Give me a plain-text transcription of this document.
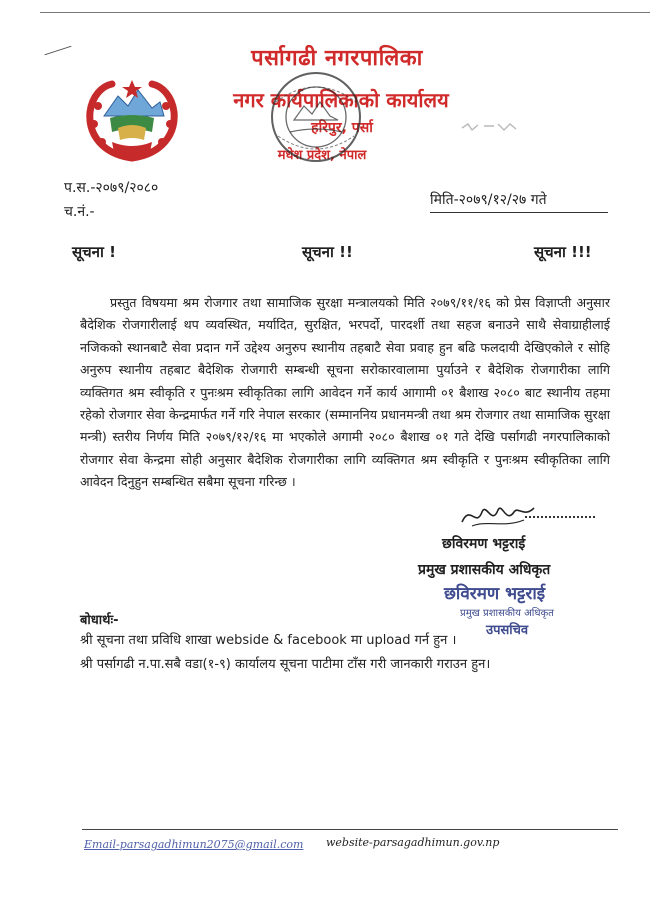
पर्सागढी नगरपालिका
नगर कार्यपालिकाको कार्यालय
हरिपुर, पर्सा
मधेश प्रदेश, नेपाल
प.स.-२०७९/२०८०
च.नं.-
मिति-२०७९/१२/२७ गते
सूचना !	सूचना !!	सूचना !!!
प्रस्तुत विषयमा श्रम रोजगार तथा सामाजिक सुरक्षा मन्त्रालयको मिति २०७९/११/१६ को प्रेस विज्ञाप्ती अनुसार बैदेशिक रोजगारीलाई थप व्यवस्थित, मर्यादित, सुरक्षित, भरपर्दो, पारदर्शी तथा सहज बनाउने साथै सेवाग्राहीलाई नजिकको स्थानबाटै सेवा प्रदान गर्ने उद्देश्य अनुरुप स्थानीय तहबाटै सेवा प्रवाह हुन बढि फलदायी देखिएकोले र सोहि अनुरुप स्थानीय तहबाट बैदेशिक रोजगारी सम्बन्धी सूचना सरोकारवालामा पुर्याउने र बैदेशिक रोजगारीका लागि व्यक्तिगत श्रम स्वीकृति र पुनःश्रम स्वीकृतिका लागि आवेदन गर्ने कार्य आगामी ०१ बैशाख २०८० बाट स्थानीय तहमा रहेको रोजगार सेवा केन्द्रमार्फत गर्ने गरि नेपाल सरकार (सम्माननिय प्रधानमन्त्री तथा श्रम रोजगार तथा सामाजिक सुरक्षा मन्त्री) स्तरीय निर्णय मिति २०७९/१२/१६ मा भएकोले अगामी २०८० बैशाख ०१ गते देखि पर्सागढी नगरपालिकाको रोजगार सेवा केन्द्रमा सोही अनुसार बैदेशिक रोजगारीका लागि व्यक्तिगत श्रम स्वीकृति र पुनःश्रम स्वीकृतिका लागि आवेदन दिनुहुन सम्बन्धित सबैमा सूचना गरिन्छ ।
छविरमण भट्टराई
प्रमुख प्रशासकीय अधिकृत
छविरमण भट्टराई
प्रमुख प्रशासकीय अधिकृत
उपसचिव
बोधार्थः-
श्री सूचना तथा प्रविधि शाखा webside & facebook मा upload गर्न हुन ।
श्री पर्सागढी न.पा.सबै वडा(१-९) कार्यालय सूचना पाटीमा टाँस गरी जानकारी गराउन हुन।
Email-parsagadhimun2075@gmail.com website-parsagadhimun.gov.np
